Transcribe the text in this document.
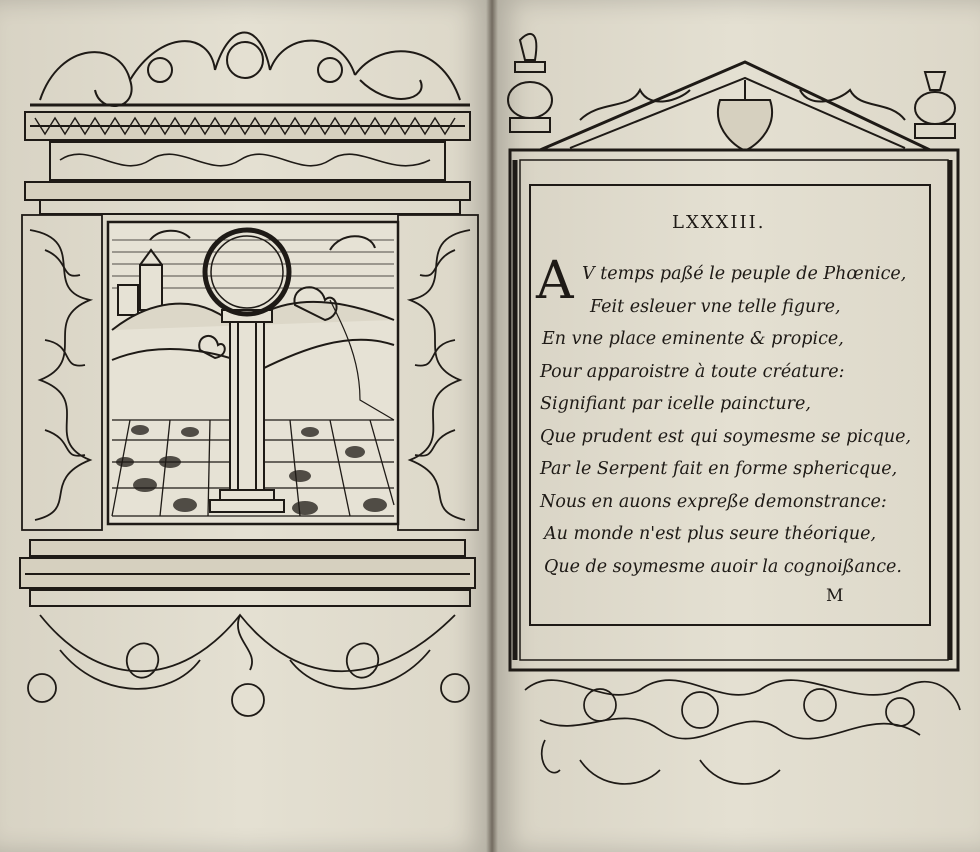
LXXXIII.
A V temps paßé le peuple de Phœnice,
Feit esleuer vne telle figure,
En vne place eminente & propice,
Pour apparoistre à toute créature:
Signifiant par icelle paincture,
Que prudent est qui soymesme se picque,
Par le Serpent fait en forme sphericque,
Nous en auons expreße demonstrance:
Au monde n'est plus seure théorique,
Que de soymesme auoir la cognoißance.
M
